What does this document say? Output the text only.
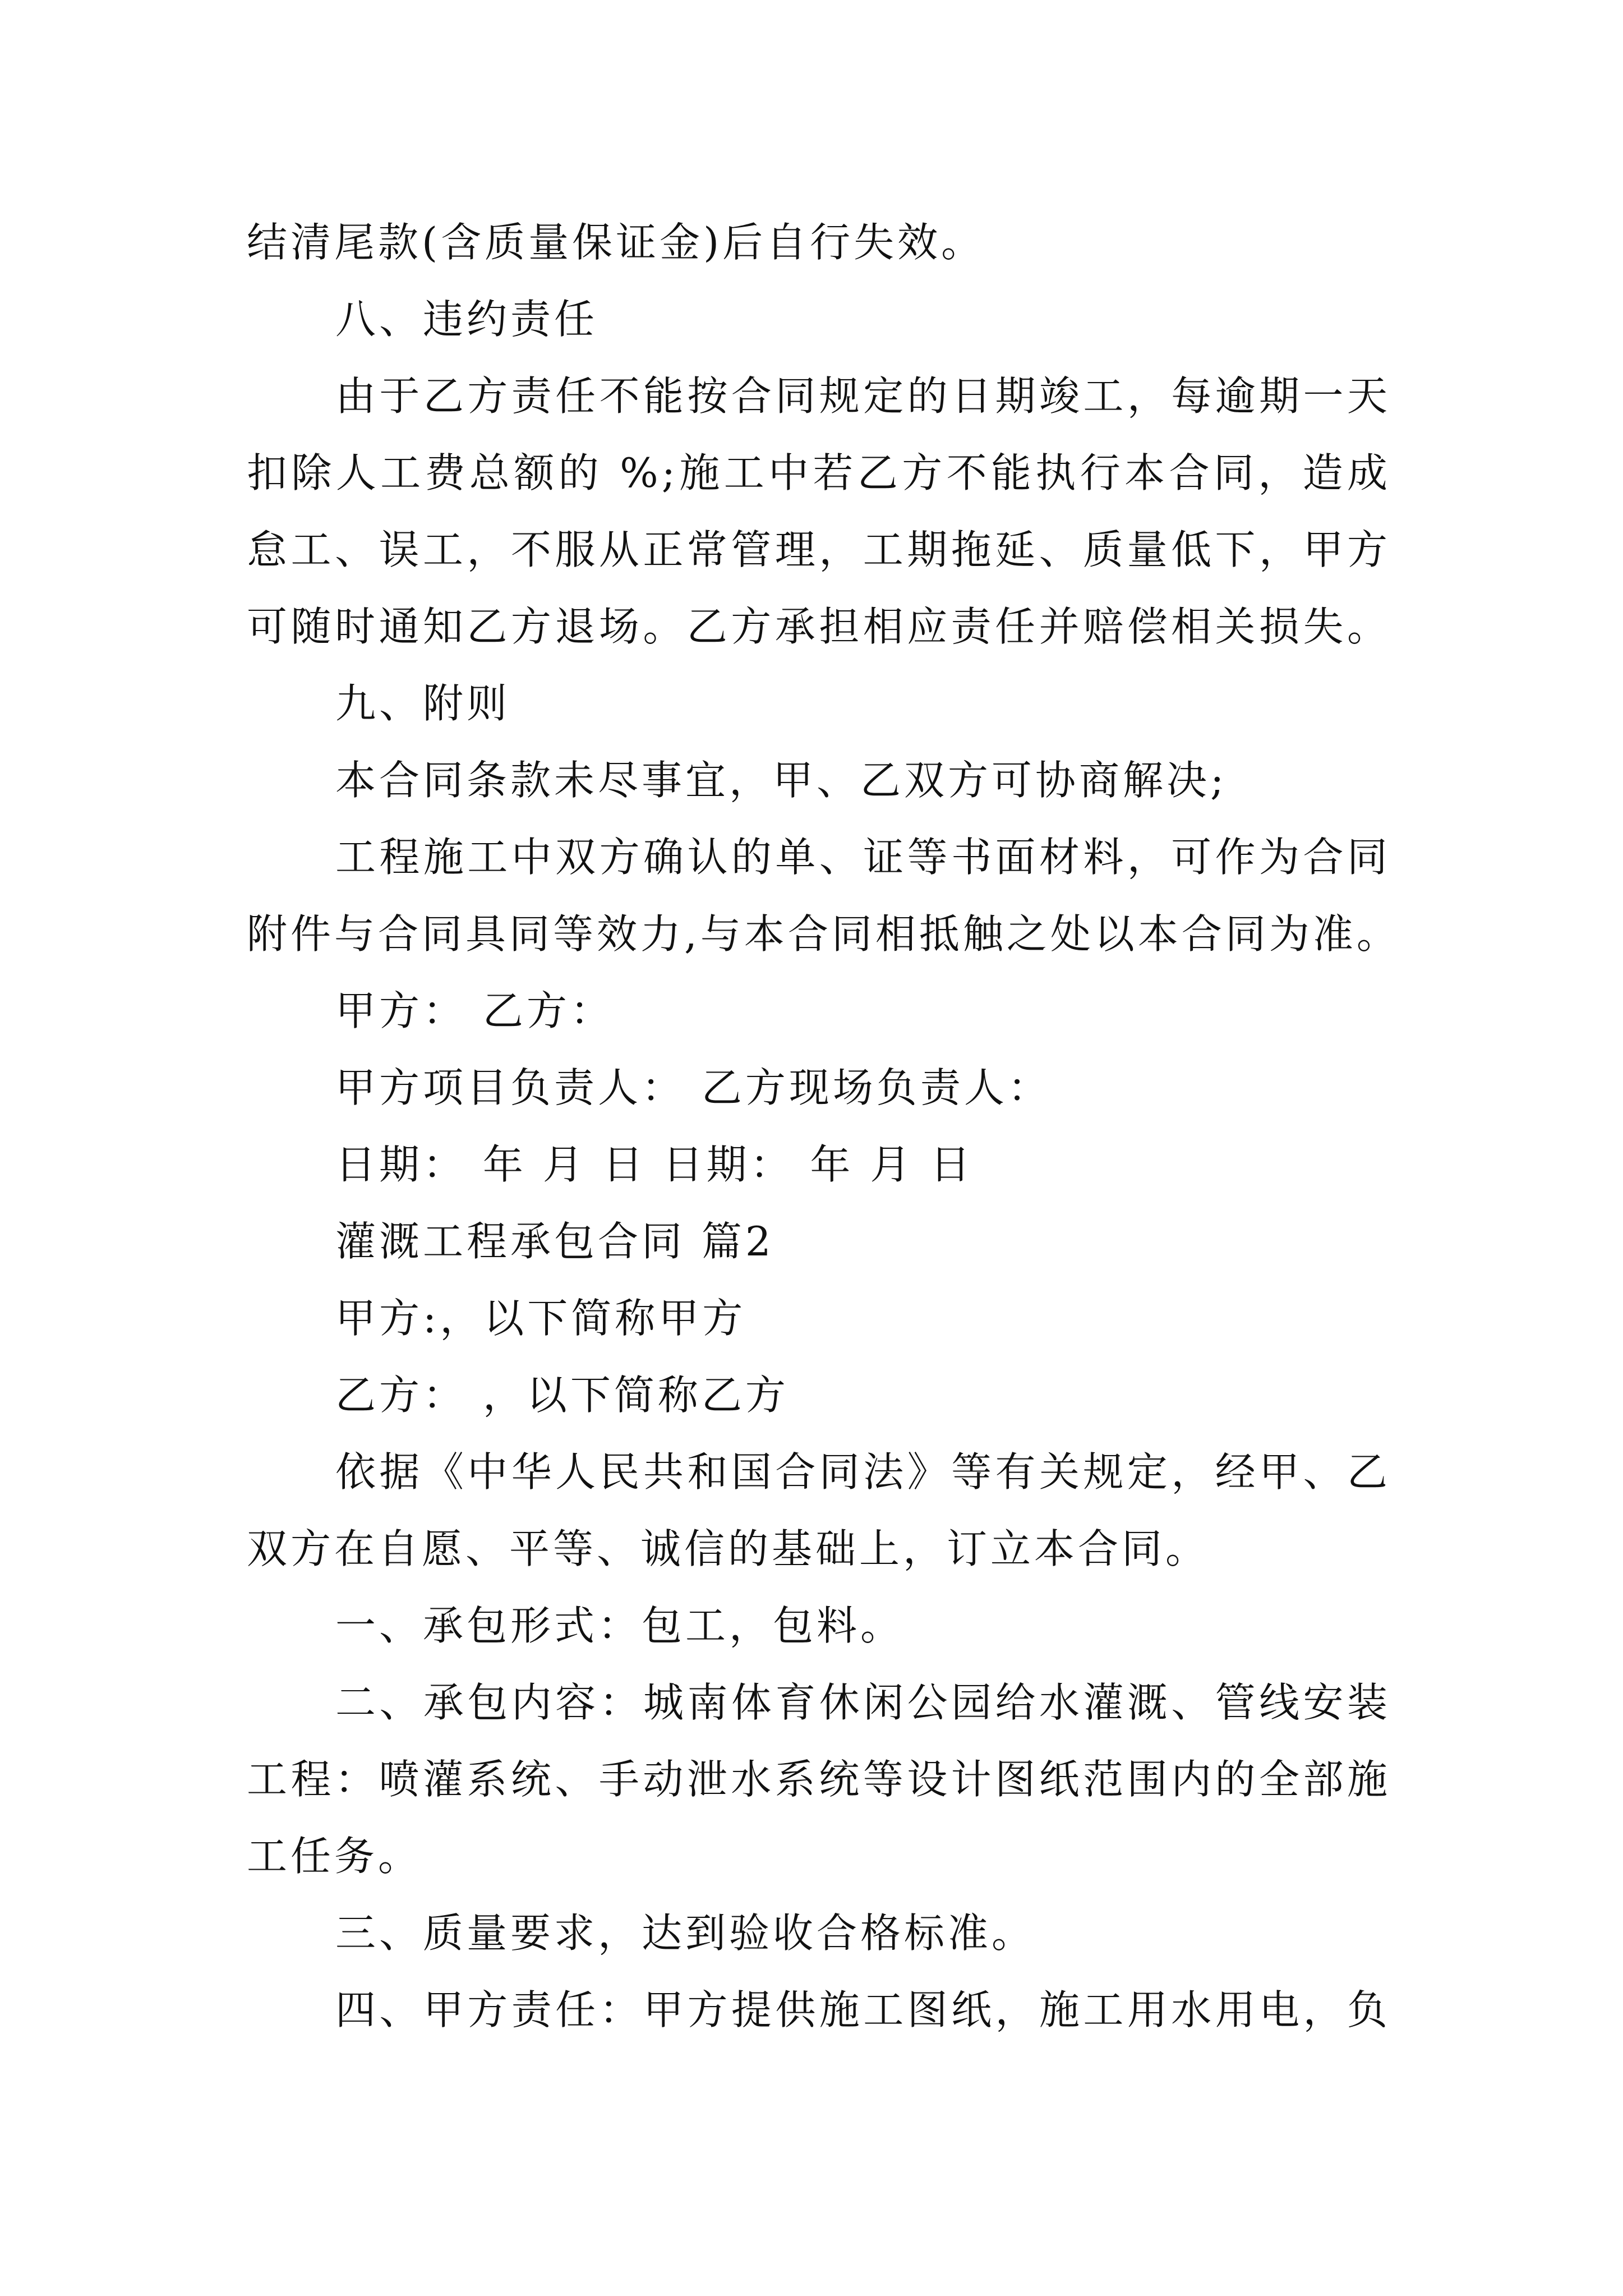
结清尾款(含质量保证金)后自行失效。
八、违约责任
由于乙方责任不能按合同规定的日期竣工，每逾期一天
扣除人工费总额的 %;施工中若乙方不能执行本合同，造成
怠工、误工，不服从正常管理，工期拖延、质量低下，甲方
可随时通知乙方退场。乙方承担相应责任并赔偿相关损失。
九、附则
本合同条款未尽事宜，甲、乙双方可协商解决;
工程施工中双方确认的单、证等书面材料，可作为合同
附件与合同具同等效力,与本合同相抵触之处以本合同为准。
甲方： 乙方：
甲方项目负责人： 乙方现场负责人：
日期： 年 月 日 日期： 年 月 日
灌溉工程承包合同 篇2
甲方:，以下简称甲方
乙方： ，以下简称乙方
依据《中华人民共和国合同法》等有关规定，经甲、乙
双方在自愿、平等、诚信的基础上，订立本合同。
一、承包形式：包工，包料。
二、承包内容：城南体育休闲公园给水灌溉、管线安装
工程：喷灌系统、手动泄水系统等设计图纸范围内的全部施
工任务。
三、质量要求，达到验收合格标准。
四、甲方责任：甲方提供施工图纸，施工用水用电，负
